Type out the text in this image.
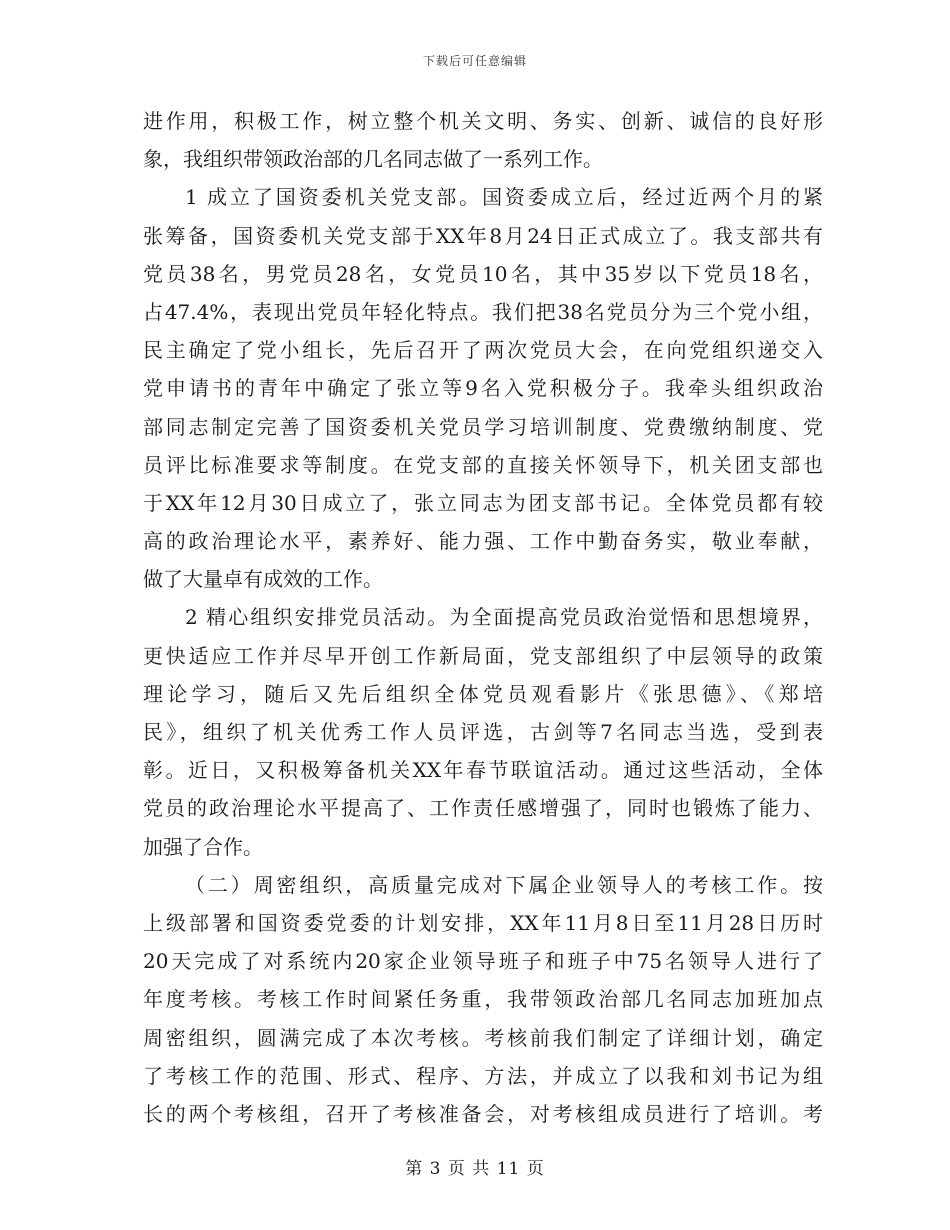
下载后可任意编辑
进作用，积极工作，树立整个机关文明、务实、创新、诚信的良好形
象，我组织带领政治部的几名同志做了一系列工作。
1 成立了国资委机关党支部。国资委成立后，经过近两个月的紧
张筹备，国资委机关党支部于XX年8月24日正式成立了。我支部共有
党员38名，男党员28名，女党员10名，其中35岁以下党员18名，
占47.4%，表现出党员年轻化特点。我们把38名党员分为三个党小组，
民主确定了党小组长，先后召开了两次党员大会，在向党组织递交入
党申请书的青年中确定了张立等9名入党积极分子。我牵头组织政治
部同志制定完善了国资委机关党员学习培训制度、党费缴纳制度、党
员评比标准要求等制度。在党支部的直接关怀领导下，机关团支部也
于XX年12月30日成立了，张立同志为团支部书记。全体党员都有较
高的政治理论水平，素养好、能力强、工作中勤奋务实，敬业奉献，
做了大量卓有成效的工作。
2 精心组织安排党员活动。为全面提高党员政治觉悟和思想境界，
更快适应工作并尽早开创工作新局面，党支部组织了中层领导的政策
理论学习，随后又先后组织全体党员观看影片《张思德》、《郑培
民》，组织了机关优秀工作人员评选，古剑等7名同志当选，受到表
彰。近日，又积极筹备机关XX年春节联谊活动。通过这些活动，全体
党员的政治理论水平提高了、工作责任感增强了，同时也锻炼了能力、
加强了合作。
（二）周密组织，高质量完成对下属企业领导人的考核工作。按
上级部署和国资委党委的计划安排，XX年11月8日至11月28日历时
20天完成了对系统内20家企业领导班子和班子中75名领导人进行了
年度考核。考核工作时间紧任务重，我带领政治部几名同志加班加点
周密组织，圆满完成了本次考核。考核前我们制定了详细计划，确定
了考核工作的范围、形式、程序、方法，并成立了以我和刘书记为组
长的两个考核组，召开了考核准备会，对考核组成员进行了培训。考
第 3 页 共 11 页
